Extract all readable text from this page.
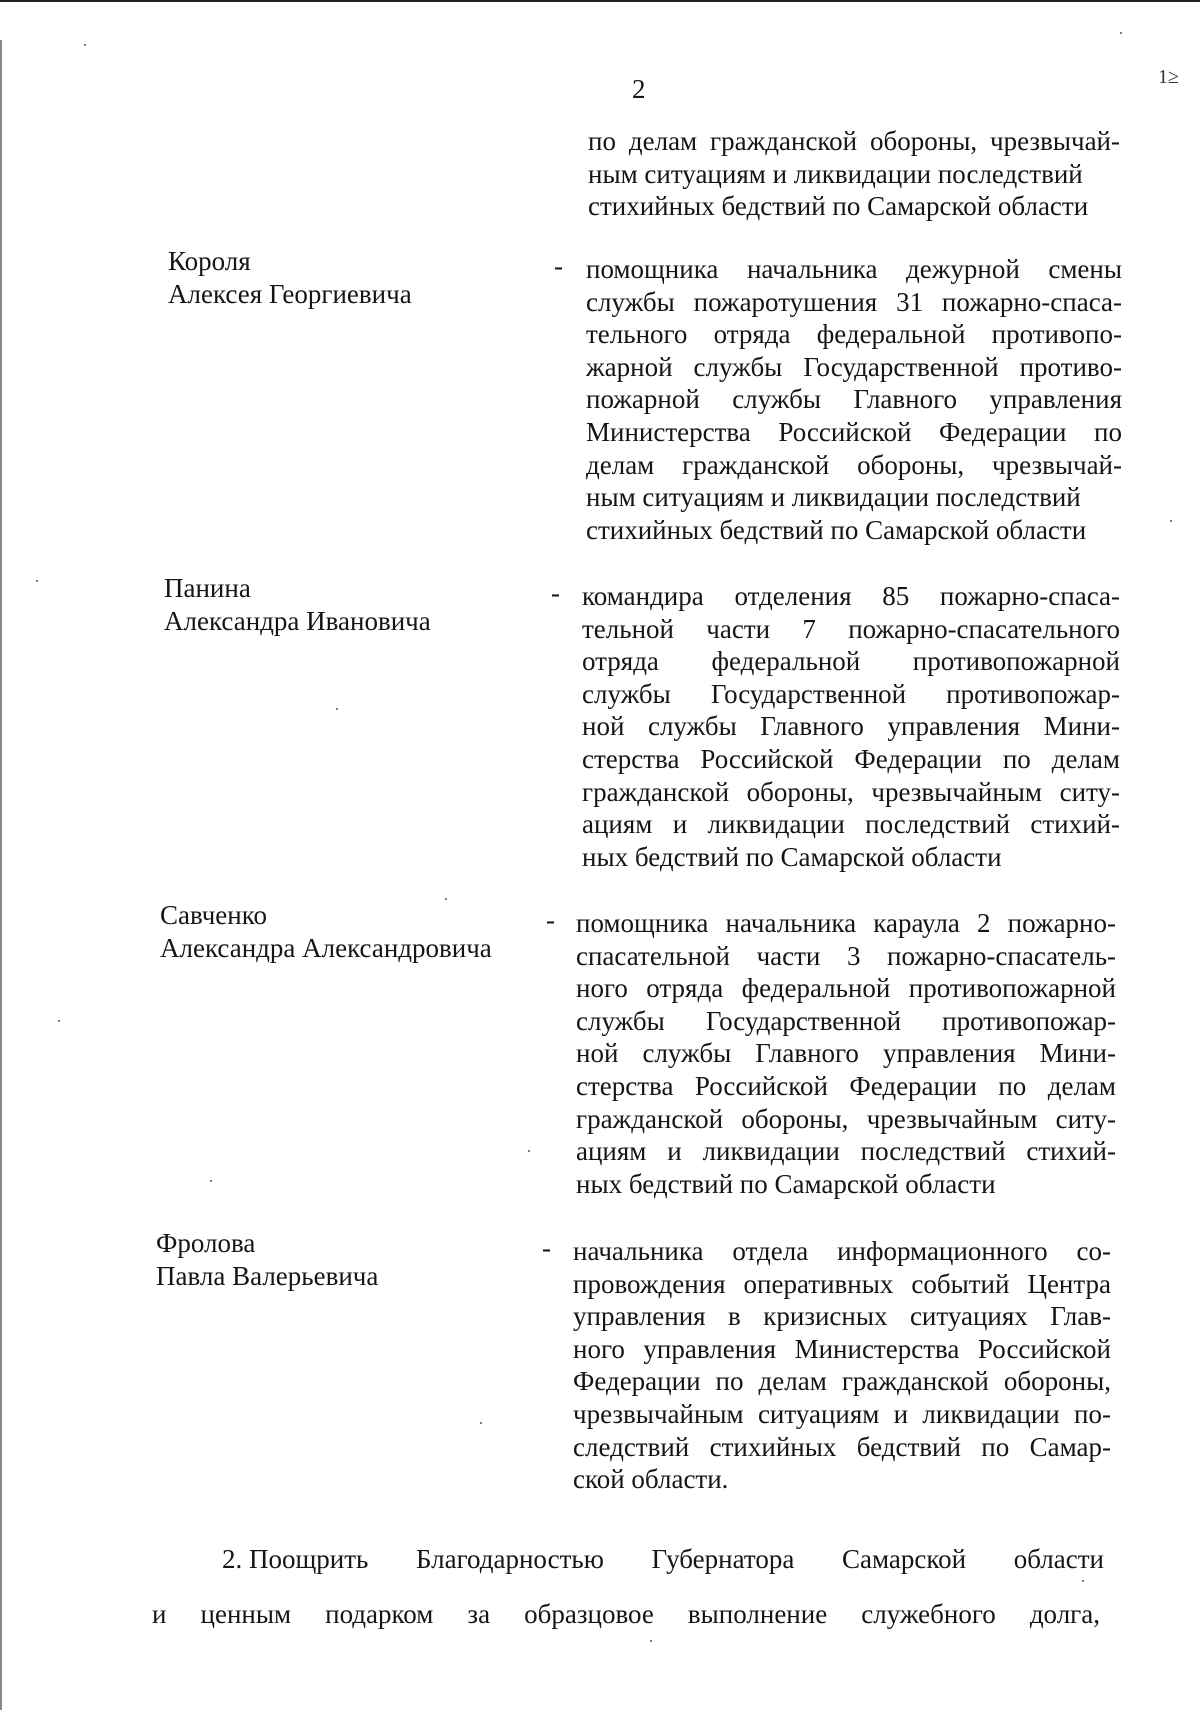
2	1≥
по делам гражданской обороны, чрезвычай-
ным ситуациям и ликвидации последствий
стихийных бедствий по Самарской области
Короля
Алексея Георгиевича
- помощника начальника дежурной смены
службы пожаротушения 31 пожарно-спаса-
тельного отряда федеральной противопо-
жарной службы Государственной противо-
пожарной службы Главного управления
Министерства Российской Федерации по
делам гражданской обороны, чрезвычай-
ным ситуациям и ликвидации последствий
стихийных бедствий по Самарской области
Панина
Александра Ивановича
- командира отделения 85 пожарно-спаса-
тельной части 7 пожарно-спасательного
отряда федеральной противопожарной
службы Государственной противопожар-
ной службы Главного управления Мини-
стерства Российской Федерации по делам
гражданской обороны, чрезвычайным ситу-
ациям и ликвидации последствий стихий-
ных бедствий по Самарской области
Савченко
Александра Александровича
- помощника начальника караула 2 пожарно-
спасательной части 3 пожарно-спасатель-
ного отряда федеральной противопожарной
службы Государственной противопожар-
ной службы Главного управления Мини-
стерства Российской Федерации по делам
гражданской обороны, чрезвычайным ситу-
ациям и ликвидации последствий стихий-
ных бедствий по Самарской области
Фролова
Павла Валерьевича
- начальника отдела информационного со-
провождения оперативных событий Центра
управления в кризисных ситуациях Глав-
ного управления Министерства Российской
Федерации по делам гражданской обороны,
чрезвычайным ситуациям и ликвидации по-
следствий стихийных бедствий по Самар-
ской области.
2. Поощрить Благодарностью Губернатора Самарской области
и ценным подарком за образцовое выполнение служебного долга,
